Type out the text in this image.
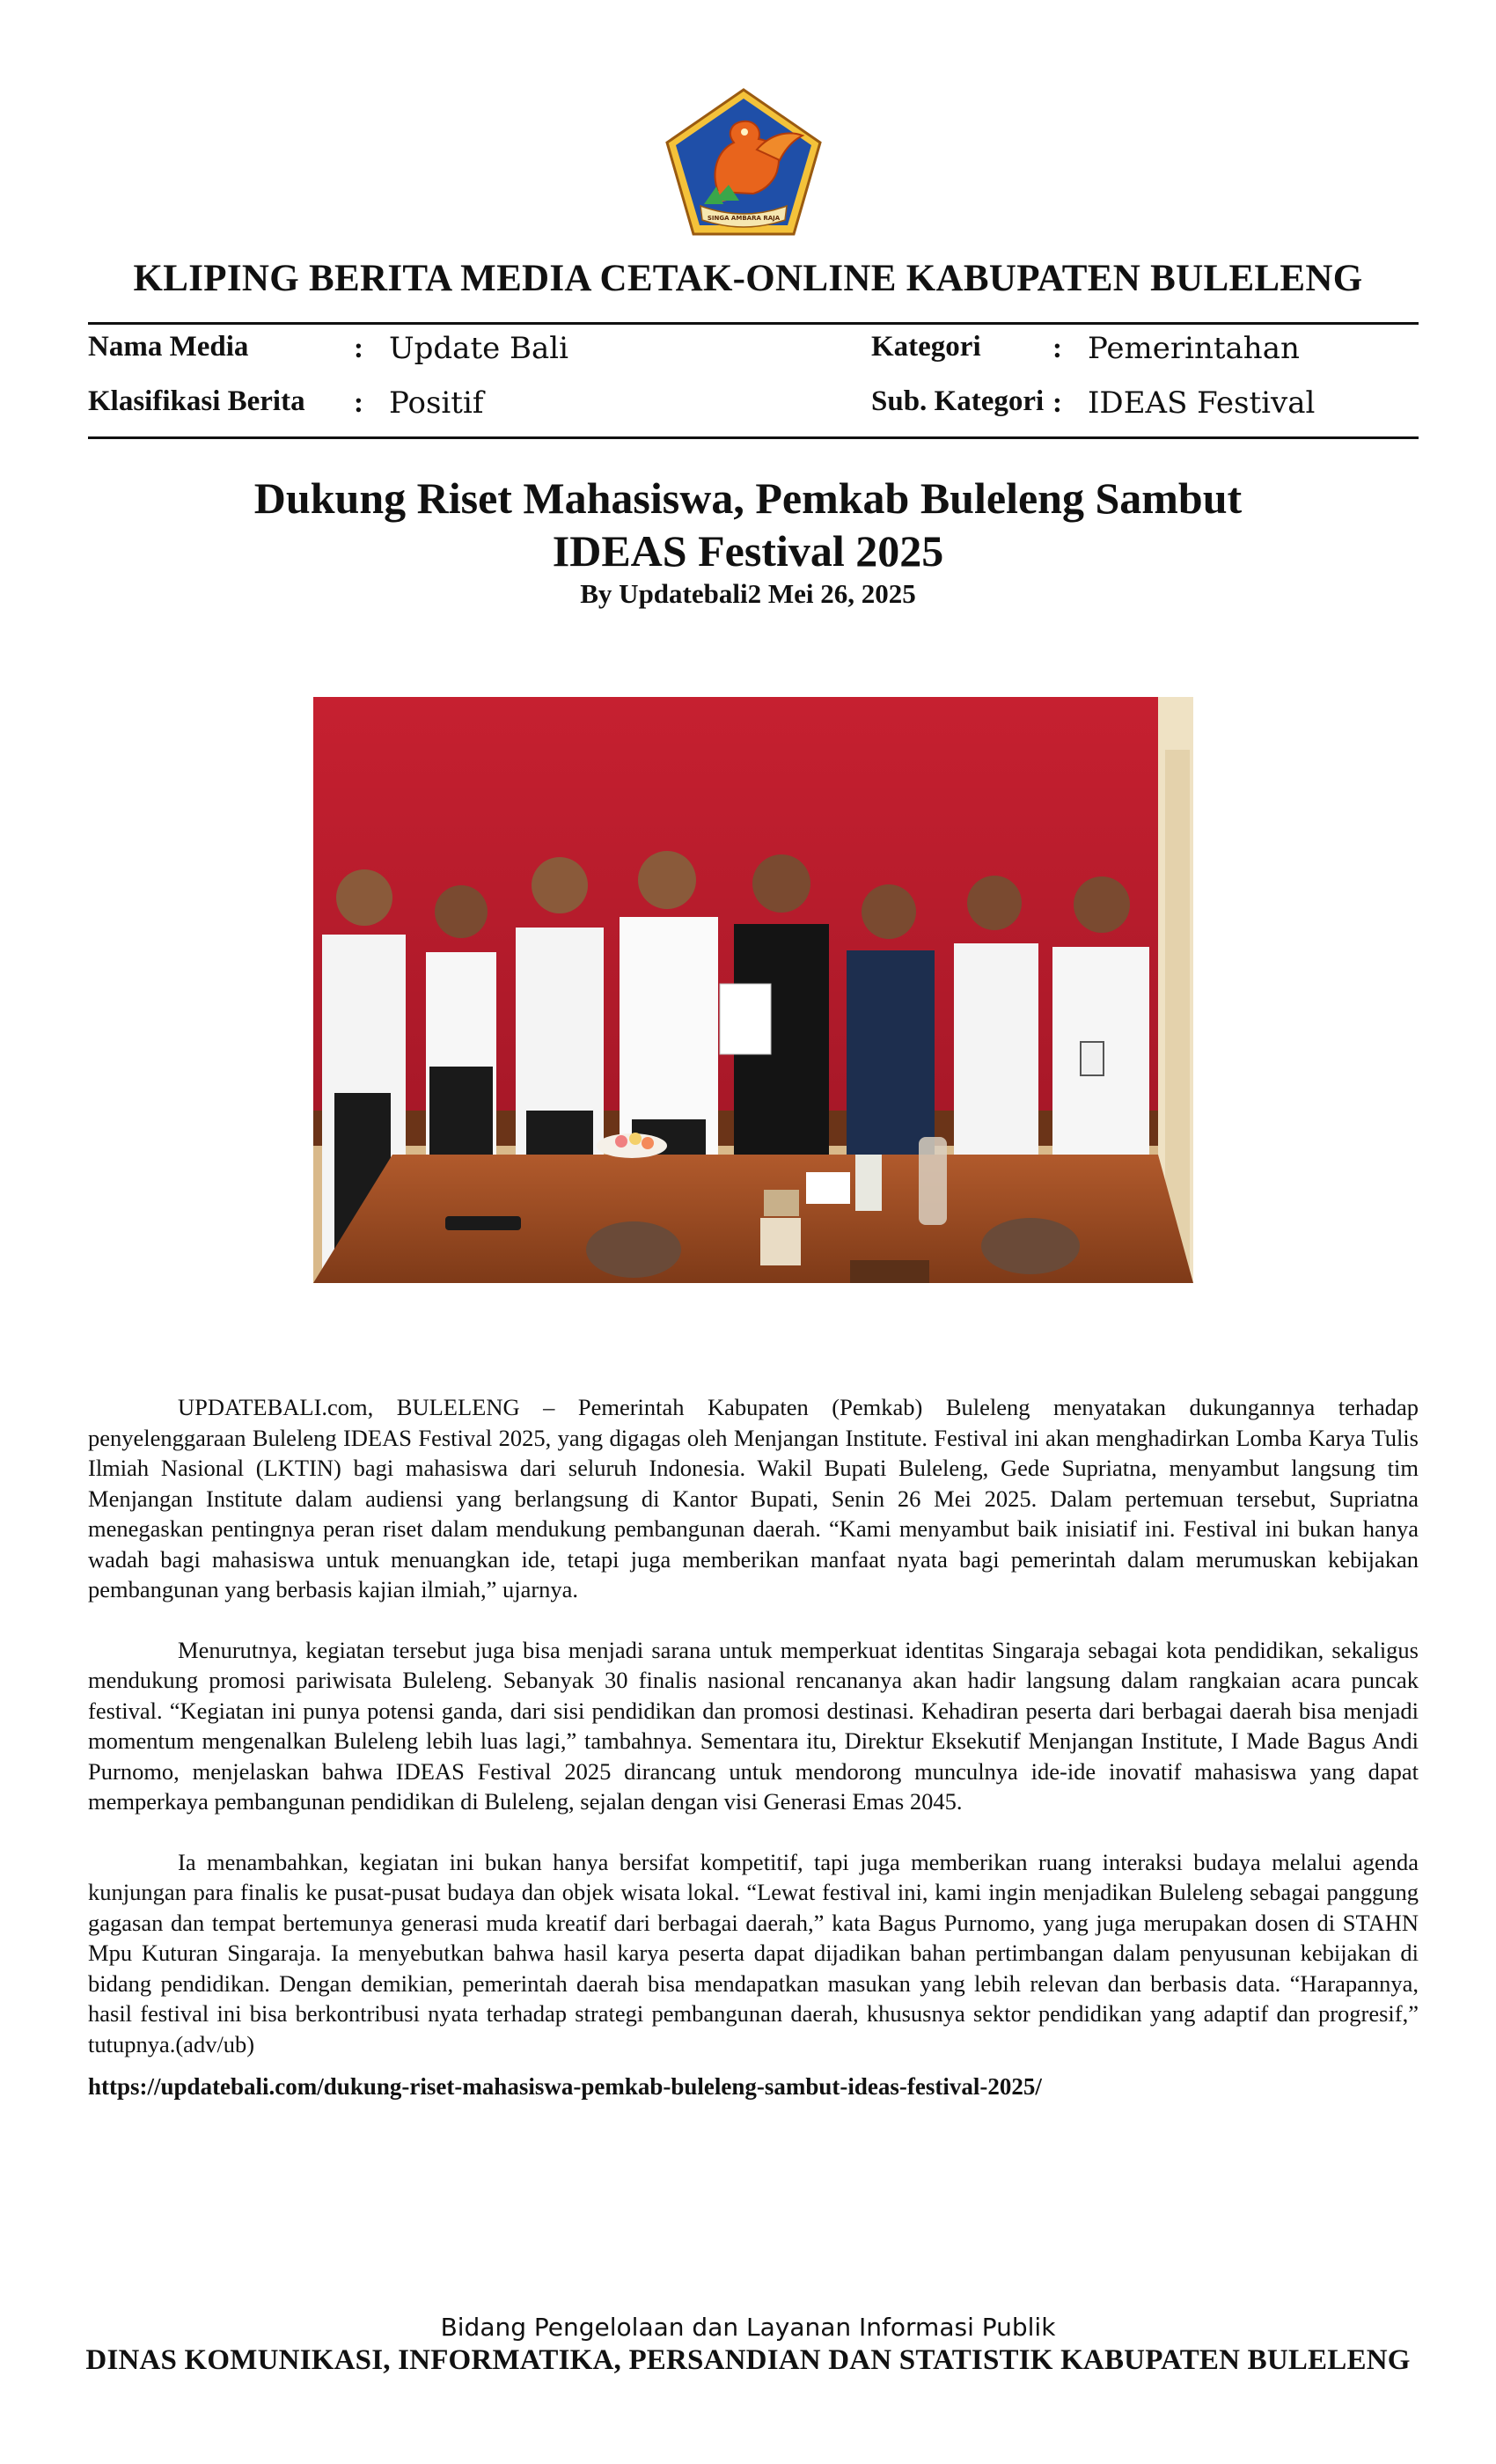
SINGA AMBARA RAJA
KLIPING BERITA MEDIA CETAK-ONLINE KABUPATEN BULELENG
Nama Media	: Update Bali
Klasifikasi Berita : Positif
Kategori : Pemerintahan
Sub. Kategori : IDEAS Festival
Dukung Riset Mahasiswa, Pemkab Buleleng Sambut
IDEAS Festival 2025
By Updatebali2 Mei 26, 2025

UPDATEBALI.com, BULELENG – Pemerintah Kabupaten (Pemkab) Buleleng menyatakan dukungannya terhadap penyelenggaraan Buleleng IDEAS Festival 2025, yang digagas oleh Menjangan Institute. Festival ini akan menghadirkan Lomba Karya Tulis Ilmiah Nasional (LKTIN) bagi mahasiswa dari seluruh Indonesia. Wakil Bupati Buleleng, Gede Supriatna, menyambut langsung tim Menjangan Institute dalam audiensi yang berlangsung di Kantor Bupati, Senin 26 Mei 2025. Dalam pertemuan tersebut, Supriatna menegaskan pentingnya peran riset dalam mendukung pembangunan daerah. “Kami menyambut baik inisiatif ini. Festival ini bukan hanya wadah bagi mahasiswa untuk menuangkan ide, tetapi juga memberikan manfaat nyata bagi pemerintah dalam merumuskan kebijakan pembangunan yang berbasis kajian ilmiah,” ujarnya.

Menurutnya, kegiatan tersebut juga bisa menjadi sarana untuk memperkuat identitas Singaraja sebagai kota pendidikan, sekaligus mendukung promosi pariwisata Buleleng. Sebanyak 30 finalis nasional rencananya akan hadir langsung dalam rangkaian acara puncak festival. “Kegiatan ini punya potensi ganda, dari sisi pendidikan dan promosi destinasi. Kehadiran peserta dari berbagai daerah bisa menjadi momentum mengenalkan Buleleng lebih luas lagi,” tambahnya. Sementara itu, Direktur Eksekutif Menjangan Institute, I Made Bagus Andi Purnomo, menjelaskan bahwa IDEAS Festival 2025 dirancang untuk mendorong munculnya ide-ide inovatif mahasiswa yang dapat memperkaya pembangunan pendidikan di Buleleng, sejalan dengan visi Generasi Emas 2045.

Ia menambahkan, kegiatan ini bukan hanya bersifat kompetitif, tapi juga memberikan ruang interaksi budaya melalui agenda kunjungan para finalis ke pusat-pusat budaya dan objek wisata lokal. “Lewat festival ini, kami ingin menjadikan Buleleng sebagai panggung gagasan dan tempat bertemunya generasi muda kreatif dari berbagai daerah,” kata Bagus Purnomo, yang juga merupakan dosen di STAHN Mpu Kuturan Singaraja. Ia menyebutkan bahwa hasil karya peserta dapat dijadikan bahan pertimbangan dalam penyusunan kebijakan di bidang pendidikan. Dengan demikian, pemerintah daerah bisa mendapatkan masukan yang lebih relevan dan berbasis data. “Harapannya, hasil festival ini bisa berkontribusi nyata terhadap strategi pembangunan daerah, khususnya sektor pendidikan yang adaptif dan progresif,” tutupnya.(adv/ub)

https://updatebali.com/dukung-riset-mahasiswa-pemkab-buleleng-sambut-ideas-festival-2025/
Bidang Pengelolaan dan Layanan Informasi Publik
DINAS KOMUNIKASI, INFORMATIKA, PERSANDIAN DAN STATISTIK KABUPATEN BULELENG
